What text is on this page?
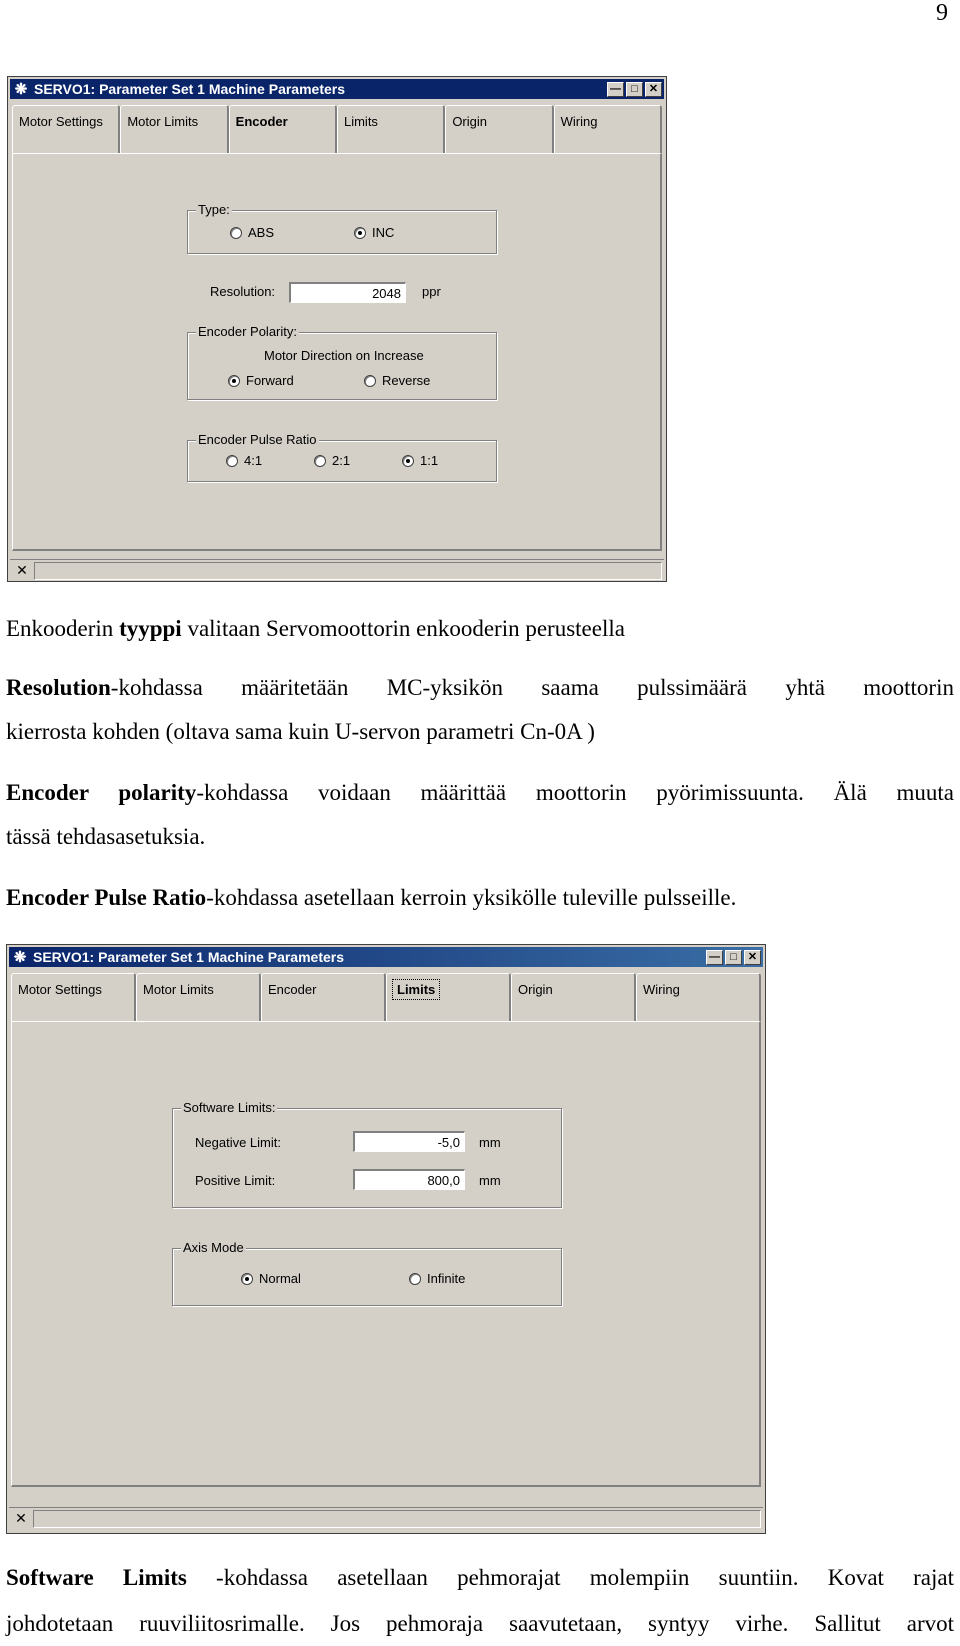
9
❋ SERVO1: Parameter Set 1 Machine Parameters	— □	✕
Motor Settings	Motor Limits	Encoder	Limits	Origin	Wiring
Type:
ABS	INC
Resolution:	2048	ppr
Encoder Polarity:
Motor Direction on Increase
Forward	Reverse
Encoder Pulse Ratio
4:1	2:1	1:1
✕

Enkooderin tyyppi valitaan Servomoottorin enkooderin perusteella

Resolution-kohdassa määritetään MC-yksikön saama pulssimäärä yhtä moottorin

kierrosta kohden (oltava sama kuin U-servon parametri Cn-0A )

Encoder polarity-kohdassa voidaan määrittää moottorin pyörimissuunta. Älä muuta

tässä tehdasasetuksia.

Encoder Pulse Ratio-kohdassa asetellaan kerroin yksikölle tuleville pulsseille.

❋ SERVO1: Parameter Set 1 Machine Parameters	— □	✕
Motor Settings	Motor Limits	Encoder	Limits	Origin	Wiring
Software Limits:
Negative Limit:	-5,0	mm
Positive Limit:	800,0	mm
Axis Mode
Normal	Infinite
✕

Software Limits -kohdassa asetellaan pehmorajat molempiin suuntiin. Kovat rajat

johdotetaan ruuviliitosrimalle. Jos pehmoraja saavutetaan, syntyy virhe. Sallitut arvot
